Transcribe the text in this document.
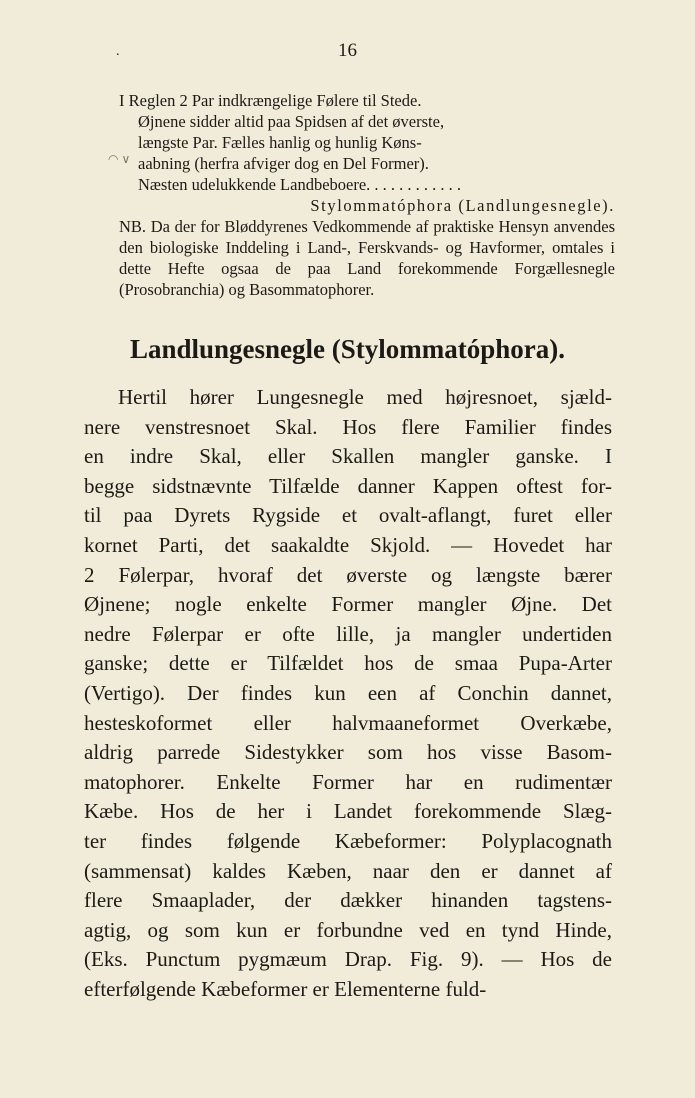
.	16
◠ ∨
I Reglen 2 Par indkrængelige Følere til Stede.
Øjnene sidder altid paa Spidsen af det øverste,
længste Par. Fælles hanlig og hunlig Køns-
aabning (herfra afviger dog en Del Former).
Næsten udelukkende Landbeboere. . . . . . . . . . . .
Stylommatóphora (Landlungesnegle).
NB. Da der for Bløddyrenes Vedkommende af praktiske Hensyn anvendes den biologiske Inddeling i Land-, Ferskvands- og Havformer, omtales i dette Hefte ogsaa de paa Land forekommende Forgællesnegle (Prosobranchia) og Basommatophorer.
Landlungesnegle (Stylommatóphora).
Hertil hører Lungesnegle med højresnoet, sjæld-
nere venstresnoet Skal. Hos flere Familier findes
en indre Skal, eller Skallen mangler ganske. I
begge sidstnævnte Tilfælde danner Kappen oftest for-
til paa Dyrets Rygside et ovalt-aflangt, furet eller
kornet Parti, det saakaldte Skjold. — Hovedet har
2 Følerpar, hvoraf det øverste og længste bærer
Øjnene; nogle enkelte Former mangler Øjne. Det
nedre Følerpar er ofte lille, ja mangler undertiden
ganske; dette er Tilfældet hos de smaa Pupa-Arter
(Vertigo). Der findes kun een af Conchin dannet,
hesteskoformet eller halvmaaneformet Overkæbe,
aldrig parrede Sidestykker som hos visse Basom-
matophorer. Enkelte Former har en rudimentær
Kæbe. Hos de her i Landet forekommende Slæg-
ter findes følgende Kæbeformer: Polyplacognath
(sammensat) kaldes Kæben, naar den er dannet af
flere Smaaplader, der dækker hinanden tagstens-
agtig, og som kun er forbundne ved en tynd Hinde,
(Eks. Punctum pygmæum Drap. Fig. 9). — Hos de
efterfølgende Kæbeformer er Elementerne fuld-
